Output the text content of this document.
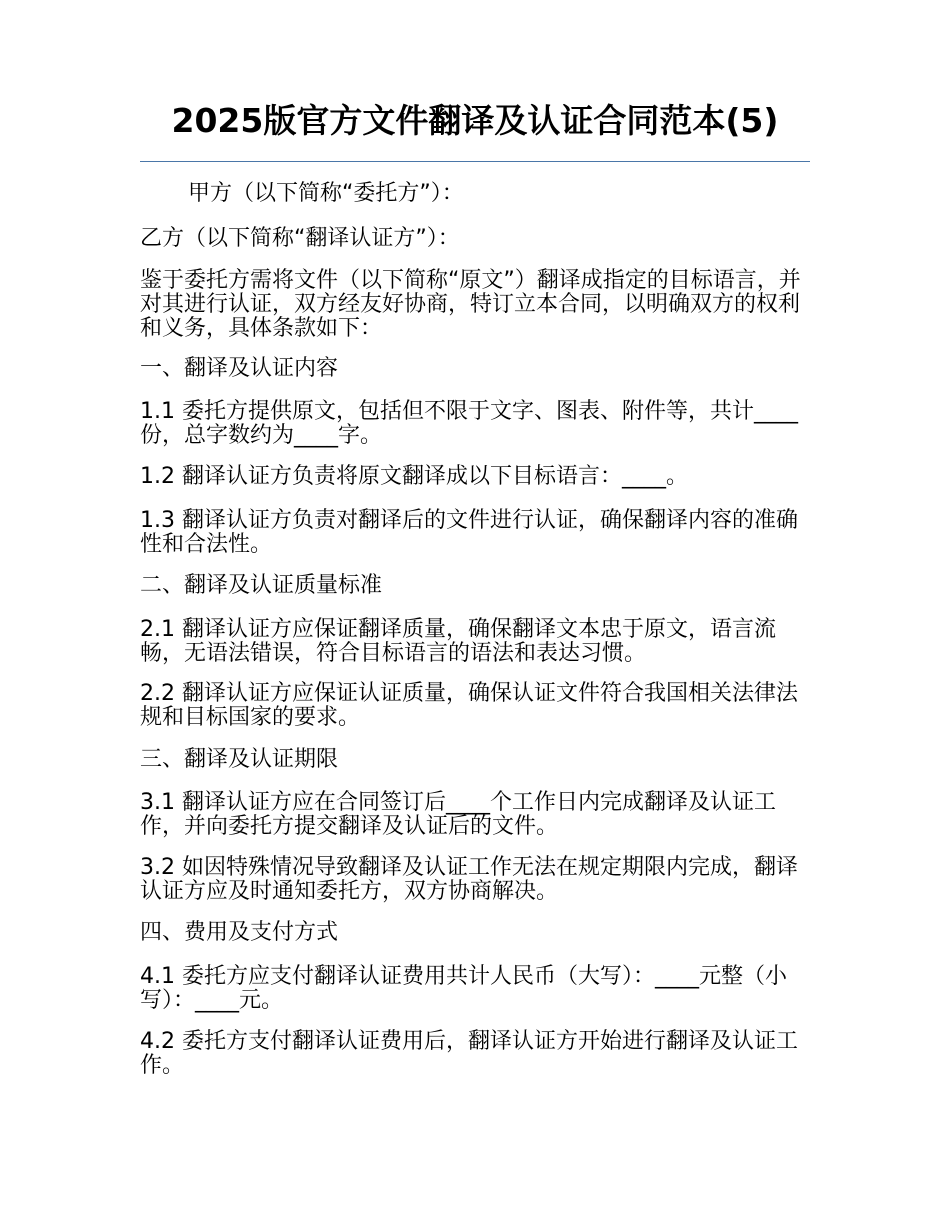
2025版官方文件翻译及认证合同范本(5)
甲方（以下简称“委托方”）：
乙方（以下简称“翻译认证方”）：
鉴于委托方需将文件（以下简称“原文”）翻译成指定的目标语言，并对其进行认证，双方经友好协商，特订立本合同，以明确双方的权利和义务，具体条款如下：
一、翻译及认证内容
1.1 委托方提供原文，包括但不限于文字、图表、附件等，共计____份，总字数约为____字。
1.2 翻译认证方负责将原文翻译成以下目标语言：____。
1.3 翻译认证方负责对翻译后的文件进行认证，确保翻译内容的准确性和合法性。
二、翻译及认证质量标准
2.1 翻译认证方应保证翻译质量，确保翻译文本忠于原文，语言流畅，无语法错误，符合目标语言的语法和表达习惯。
2.2 翻译认证方应保证认证质量，确保认证文件符合我国相关法律法规和目标国家的要求。
三、翻译及认证期限
3.1 翻译认证方应在合同签订后____个工作日内完成翻译及认证工作，并向委托方提交翻译及认证后的文件。
3.2 如因特殊情况导致翻译及认证工作无法在规定期限内完成，翻译认证方应及时通知委托方，双方协商解决。
四、费用及支付方式
4.1 委托方应支付翻译认证费用共计人民币（大写）：____元整（小写）：____元。
4.2 委托方支付翻译认证费用后，翻译认证方开始进行翻译及认证工作。
